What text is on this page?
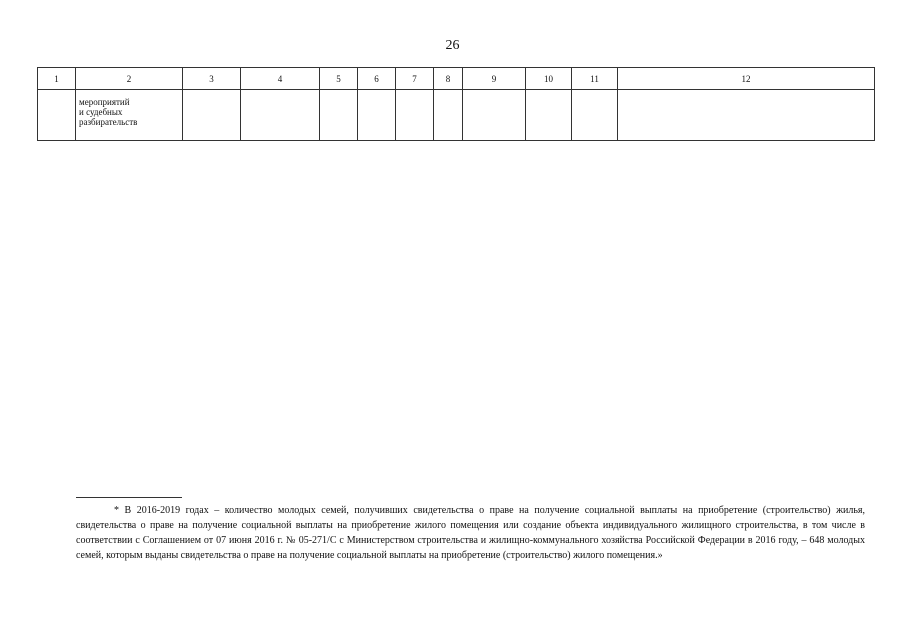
26
1	2	3	4	5	6	7	8	9	10	11	12
	мероприятий
и судебных
разбирательств										

* В 2016-2019 годах – количество молодых семей, получивших свидетельства о праве на получение социальной выплаты на приобретение (строительство) жилья, свидетельства о праве на получение социальной выплаты на приобретение жилого помещения или создание объекта индивидуального жилищного строительства, в том числе в соответствии с Соглашением от 07 июня 2016 г. № 05-271/С с Министерством строительства и жилищно-коммунального хозяйства Российской Федерации в 2016 году, – 648 молодых семей, которым выданы свидетельства о праве на получение социальной выплаты на приобретение (строительство) жилого помещения.»
